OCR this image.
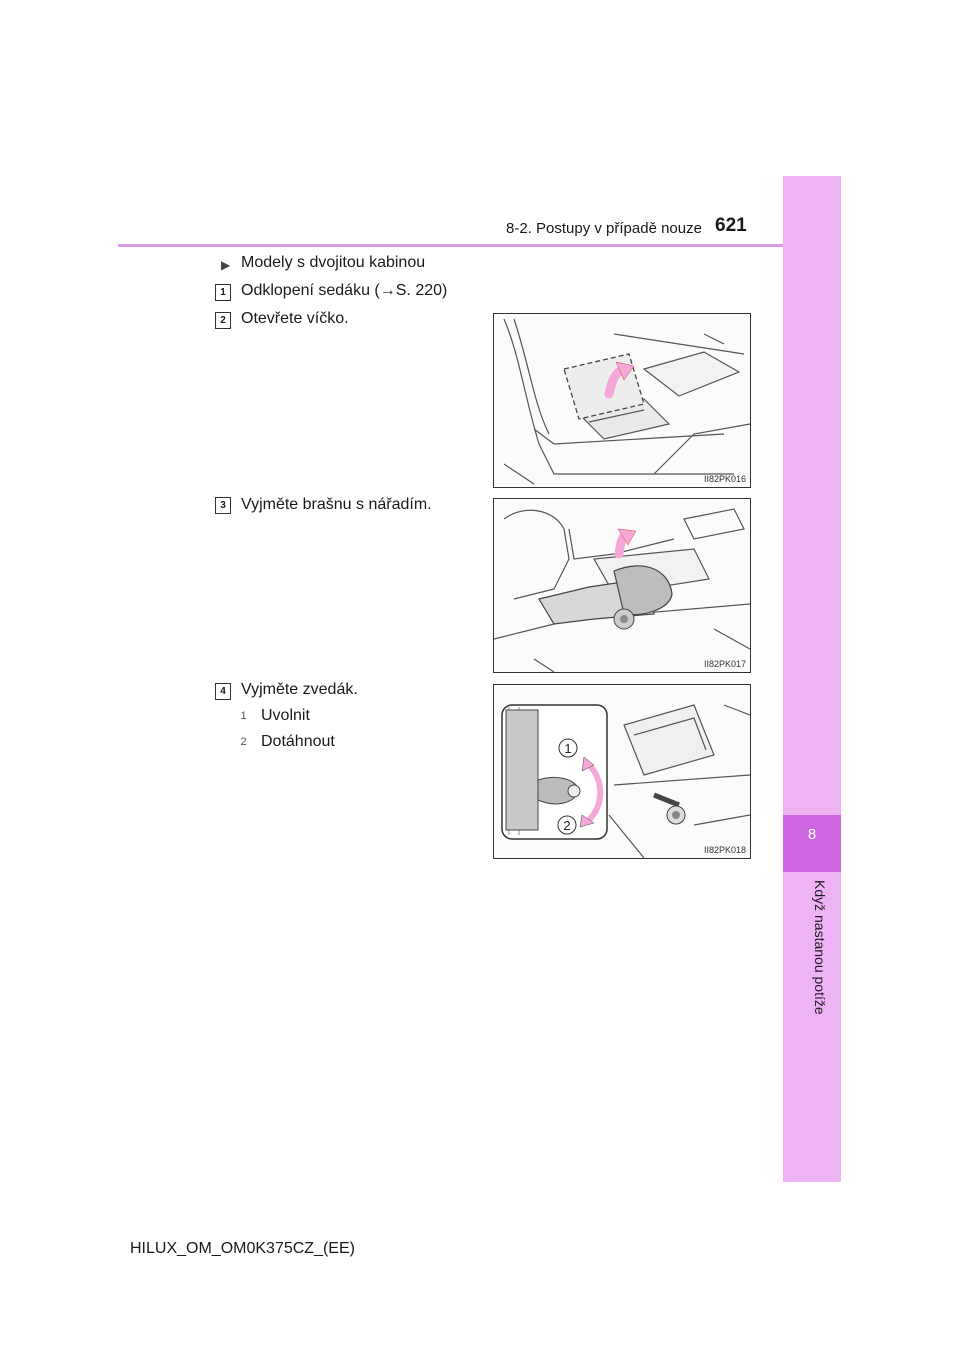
8-2. Postupy v případě nouze 621
8
Když nastanou potíže
▶ Modely s dvojitou kabinou
1 Odklopení sedáku (→S. 220)
2 Otevřete víčko.
II82PK016
3 Vyjměte brašnu s nářadím.
II82PK017
4 Vyjměte zvedák.
1 Uvolnit
2 Dotáhnout	1
2
II82PK018
HILUX_OM_OM0K375CZ_(EE)
